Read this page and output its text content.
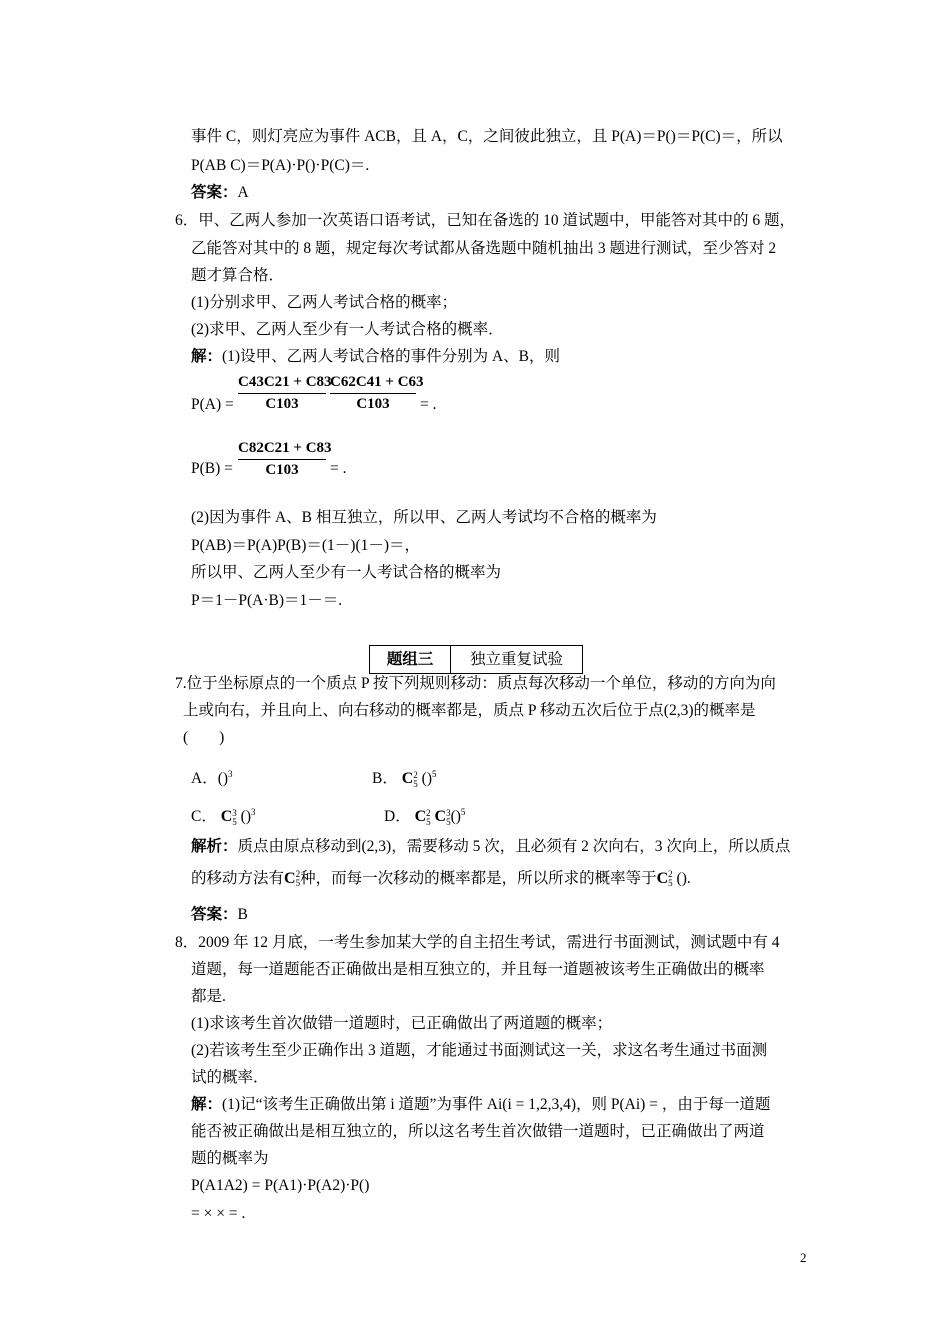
事件 C，则灯亮应为事件 ACB，且 A，C，之间彼此独立，且 P(A)＝P()＝P(C)＝，所以
P(AB C)＝P(A)·P()·P(C)＝.
答案：A
6．甲、乙两人参加一次英语口语考试，已知在备选的 10 道试题中，甲能答对其中的 6 题，
乙能答对其中的 8 题，规定每次考试都从备选题中随机抽出 3 题进行测试，至少答对 2
题才算合格．
(1)分别求甲、乙两人考试合格的概率；
(2)求甲、乙两人至少有一人考试合格的概率．
解：(1)设甲、乙两人考试合格的事件分别为 A、B，则
P(A) =
C43C21 + C83
C103
C62C41 + C63
C103	= .
P(B) =
C82C21 + C83
C103	= .
(2)因为事件 A、B 相互独立，所以甲、乙两人考试均不合格的概率为
P(AB)＝P(A)P(B)＝(1－)(1－)＝，
所以甲、乙两人至少有一人考试合格的概率为
P＝1－P(A·B)＝1－＝.
题组三	独立重复试验
7.位于坐标原点的一个质点 P 按下列规则移动：质点每次移动一个单位，移动的方向为向
上或向右，并且向上、向右移动的概率都是，质点 P 移动五次后位于点(2,3)的概率是
(　　)
A．()$^3$	B． C 2
5 ()$^5$
C． C 3
5 ()$^3$	D． C 2
5 C 3
5 ()$^5$
解析：质点由原点移动到(2,3)，需要移动 5 次，且必须有 2 次向右，3 次向上，所以质点
的移动方法有C 2
5 种，而每一次移动的概率都是，所以所求的概率等于C 2
5 ().
答案：B
8．2009 年 12 月底，一考生参加某大学的自主招生考试，需进行书面测试，测试题中有 4
道题，每一道题能否正确做出是相互独立的，并且每一道题被该考生正确做出的概率
都是.
(1)求该考生首次做错一道题时，已正确做出了两道题的概率；
(2)若该考生至少正确作出 3 道题，才能通过书面测试这一关，求这名考生通过书面测
试的概率．
解：(1)记“该考生正确做出第 i 道题”为事件 Ai(i = 1,2,3,4)，则 P(Ai) = ，由于每一道题
能否被正确做出是相互独立的，所以这名考生首次做错一道题时，已正确做出了两道
题的概率为
P(A1A2) = P(A1)·P(A2)·P()
= × × = .
2
